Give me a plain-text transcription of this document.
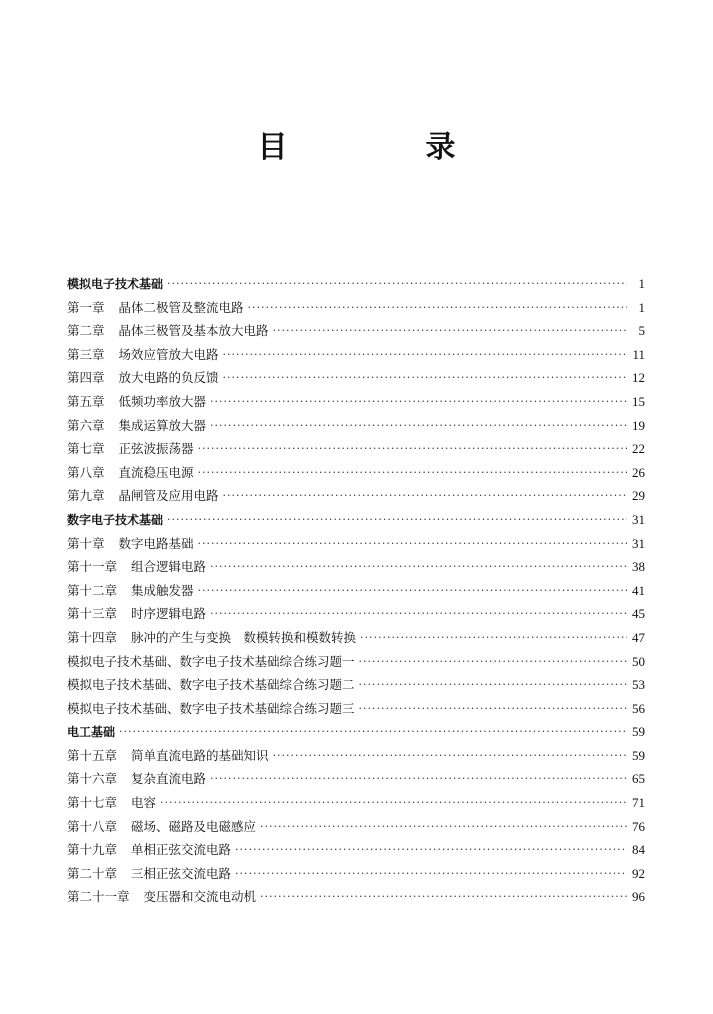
目　录
模拟电子技术基础 ·····	1
第一章 晶体二极管及整流电路 ·····	1
第二章 晶体三极管及基本放大电路 ·····	5
第三章 场效应管放大电路 ·····	11
第四章 放大电路的负反馈 ·····	12
第五章 低频功率放大器 ·····	15
第六章 集成运算放大器 ·····	19
第七章 正弦波振荡器 ·····	22
第八章 直流稳压电源 ·····	26
第九章 晶闸管及应用电路 ·····	29
数字电子技术基础 ·····	31
第十章 数字电路基础 ·····	31
第十一章 组合逻辑电路 ·····	38
第十二章 集成触发器 ·····	41
第十三章 时序逻辑电路 ·····	45
第十四章 脉冲的产生与变换　数模转换和模数转换 ·····	47
模拟电子技术基础、数字电子技术基础综合练习题一 ·····	50
模拟电子技术基础、数字电子技术基础综合练习题二 ·····	53
模拟电子技术基础、数字电子技术基础综合练习题三 ·····	56
电工基础 ·····	59
第十五章 简单直流电路的基础知识 ·····	59
第十六章 复杂直流电路 ·····	65
第十七章 电容 ·····	71
第十八章 磁场、磁路及电磁感应 ·····	76
第十九章 单相正弦交流电路 ·····	84
第二十章 三相正弦交流电路 ·····	92
第二十一章 变压器和交流电动机 ·····	96
